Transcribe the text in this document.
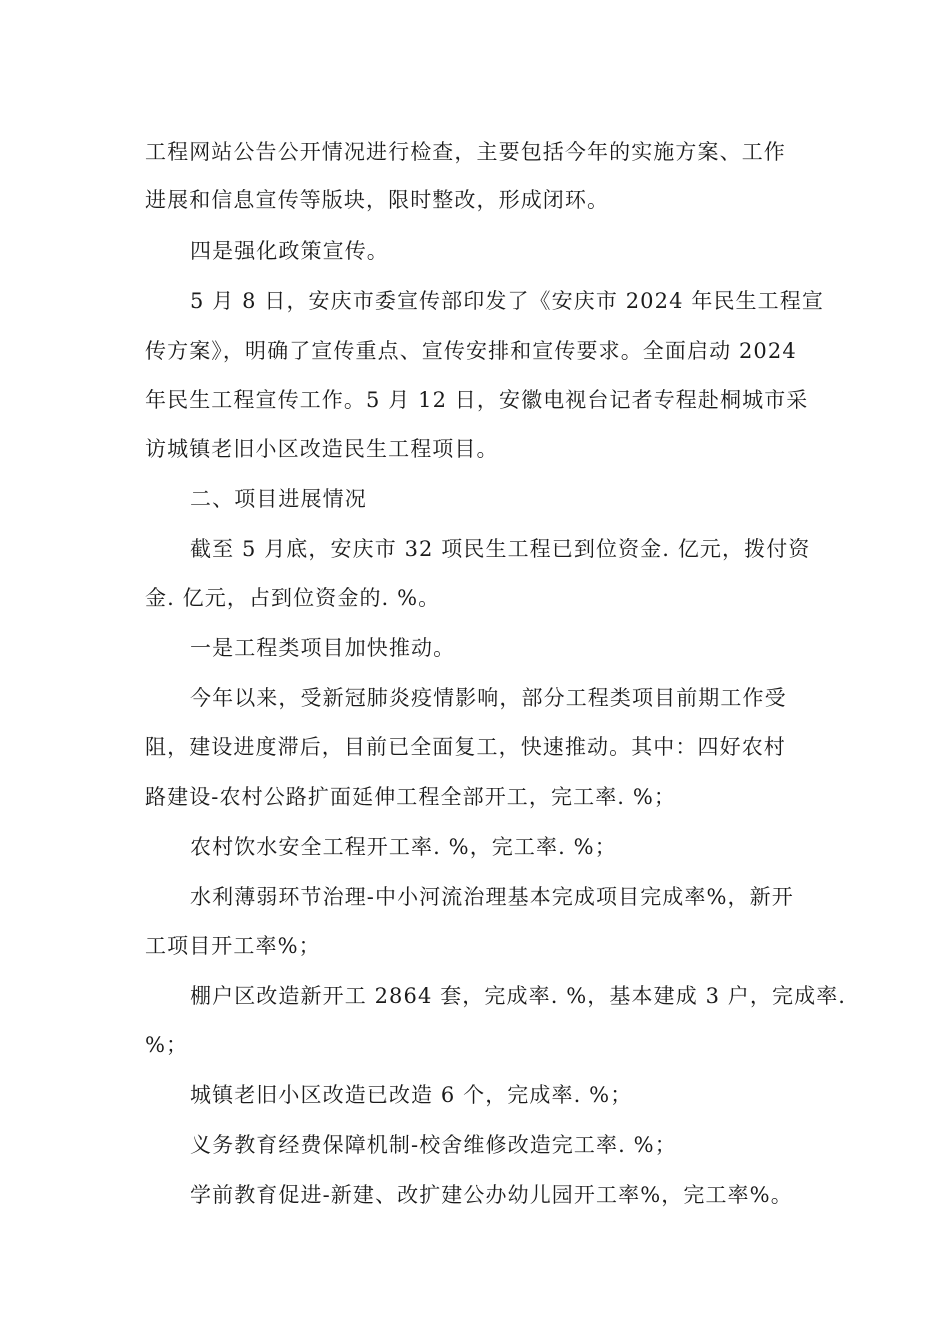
工程网站公告公开情况进行检查，主要包括今年的实施方案、工作
进展和信息宣传等版块，限时整改，形成闭环。
四是强化政策宣传。
5 月 8 日，安庆市委宣传部印发了《安庆市 2024 年民生工程宣
传方案》，明确了宣传重点、宣传安排和宣传要求。全面启动 2024
年民生工程宣传工作。5 月 12 日，安徽电视台记者专程赴桐城市采
访城镇老旧小区改造民生工程项目。
二、项目进展情况
截至 5 月底，安庆市 32 项民生工程已到位资金. 亿元，拨付资
金. 亿元，占到位资金的. %。
一是工程类项目加快推动。
今年以来，受新冠肺炎疫情影响，部分工程类项目前期工作受
阻，建设进度滞后，目前已全面复工，快速推动。其中：四好农村
路建设-农村公路扩面延伸工程全部开工，完工率. %；
农村饮水安全工程开工率. %，完工率. %；
水利薄弱环节治理-中小河流治理基本完成项目完成率%，新开
工项目开工率%；
棚户区改造新开工 2864 套，完成率. %，基本建成 3 户，完成率.
%；
城镇老旧小区改造已改造 6 个，完成率. %；
义务教育经费保障机制-校舍维修改造完工率. %；
学前教育促进-新建、改扩建公办幼儿园开工率%，完工率%。
